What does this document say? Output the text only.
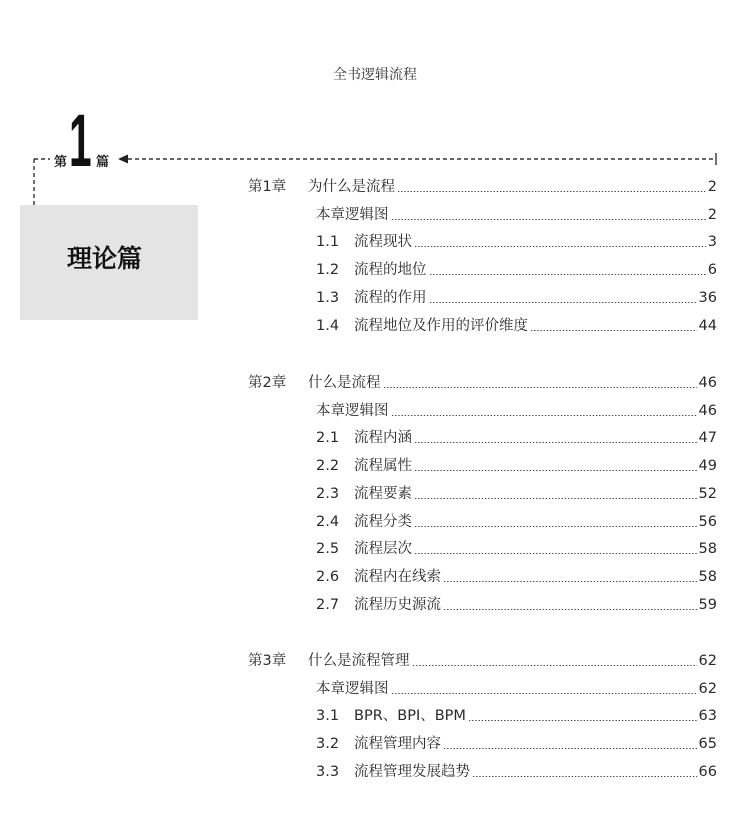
全书逻辑流程
第 1 篇
理论篇
第1章	为什么是流程	2
本章逻辑图	2
1.1	流程现状	3
1.2	流程的地位	6
1.3	流程的作用	36
1.4	流程地位及作用的评价维度	44
第2章	什么是流程	46
本章逻辑图	46
2.1	流程内涵	47
2.2	流程属性	49
2.3	流程要素	52
2.4	流程分类	56
2.5	流程层次	58
2.6	流程内在线索	58
2.7	流程历史源流	59
第3章	什么是流程管理	62
本章逻辑图	62
3.1	BPR、BPI、BPM	63
3.2	流程管理内容	65
3.3	流程管理发展趋势	66
